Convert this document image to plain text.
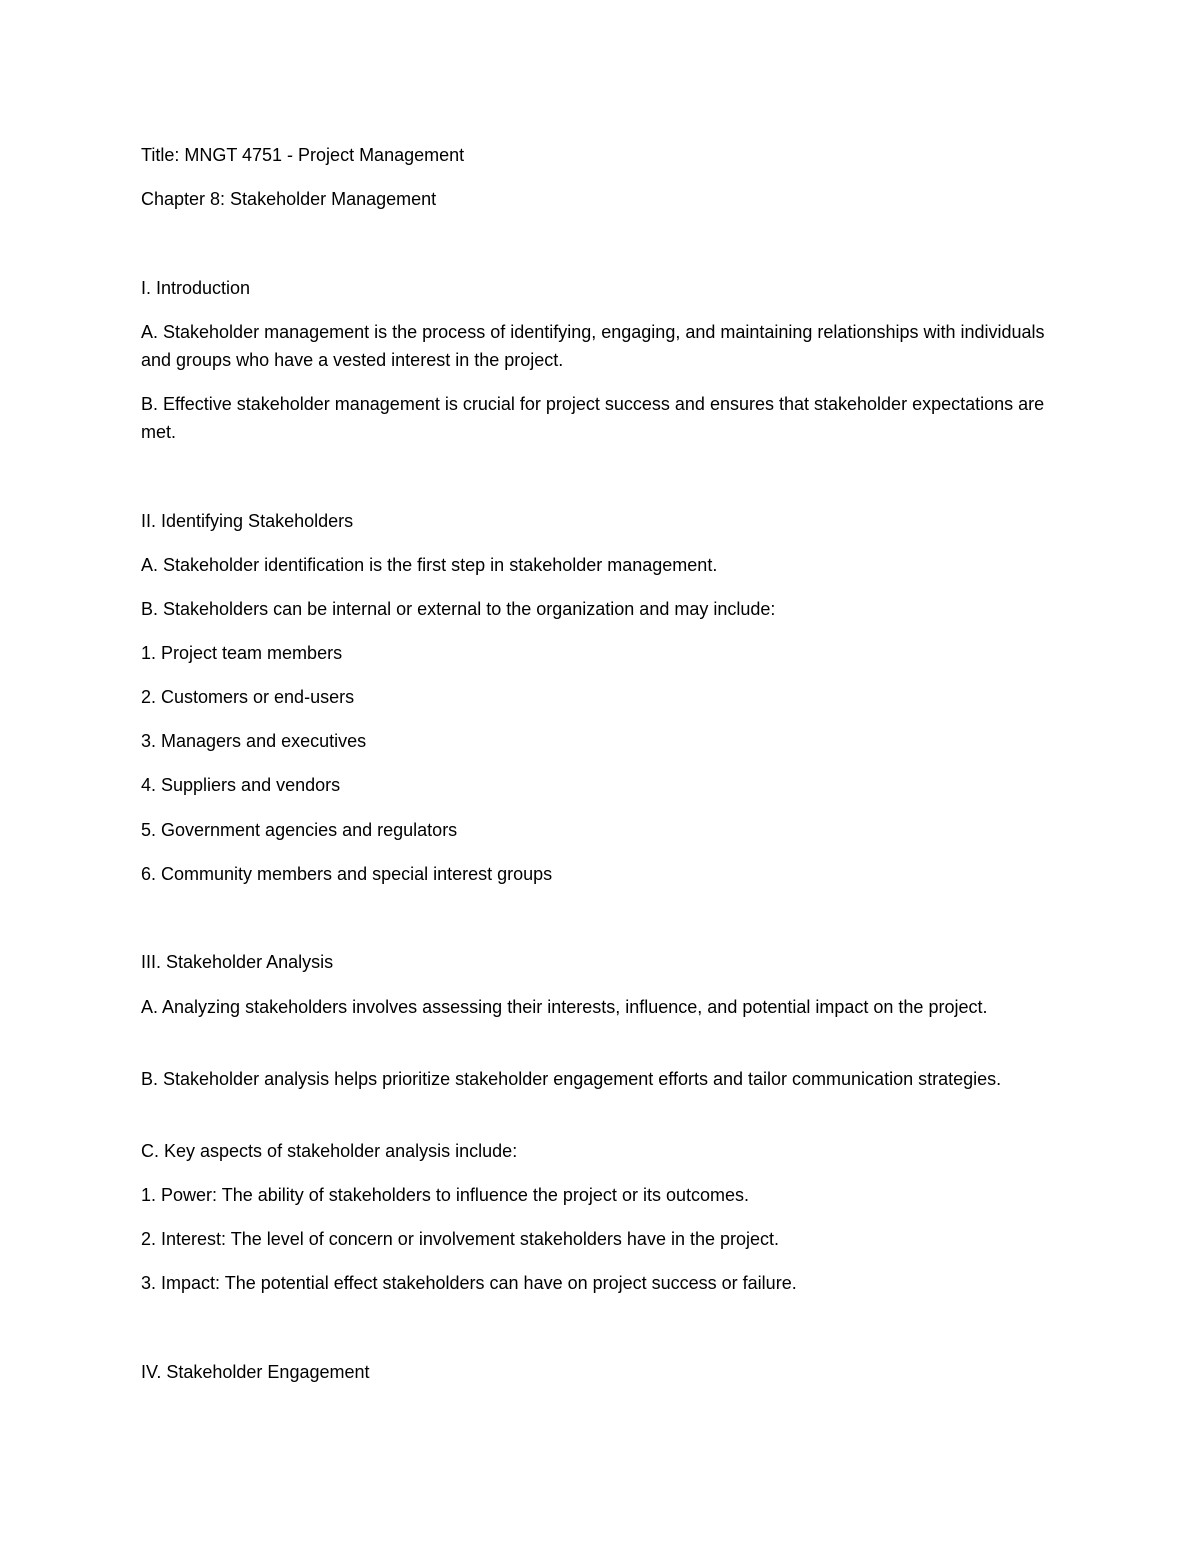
Title: MNGT 4751 - Project Management

Chapter 8: Stakeholder Management

I. Introduction

A. Stakeholder management is the process of identifying, engaging, and maintaining relationships with individuals and groups who have a vested interest in the project.

B. Effective stakeholder management is crucial for project success and ensures that stakeholder expectations are met.

II. Identifying Stakeholders

A. Stakeholder identification is the first step in stakeholder management.

B. Stakeholders can be internal or external to the organization and may include:

1. Project team members

2. Customers or end-users

3. Managers and executives

4. Suppliers and vendors

5. Government agencies and regulators

6. Community members and special interest groups

III. Stakeholder Analysis

A. Analyzing stakeholders involves assessing their interests, influence, and potential impact on the project.

B. Stakeholder analysis helps prioritize stakeholder engagement efforts and tailor communication strategies.

C. Key aspects of stakeholder analysis include:

1. Power: The ability of stakeholders to influence the project or its outcomes.

2. Interest: The level of concern or involvement stakeholders have in the project.

3. Impact: The potential effect stakeholders can have on project success or failure.

IV. Stakeholder Engagement
